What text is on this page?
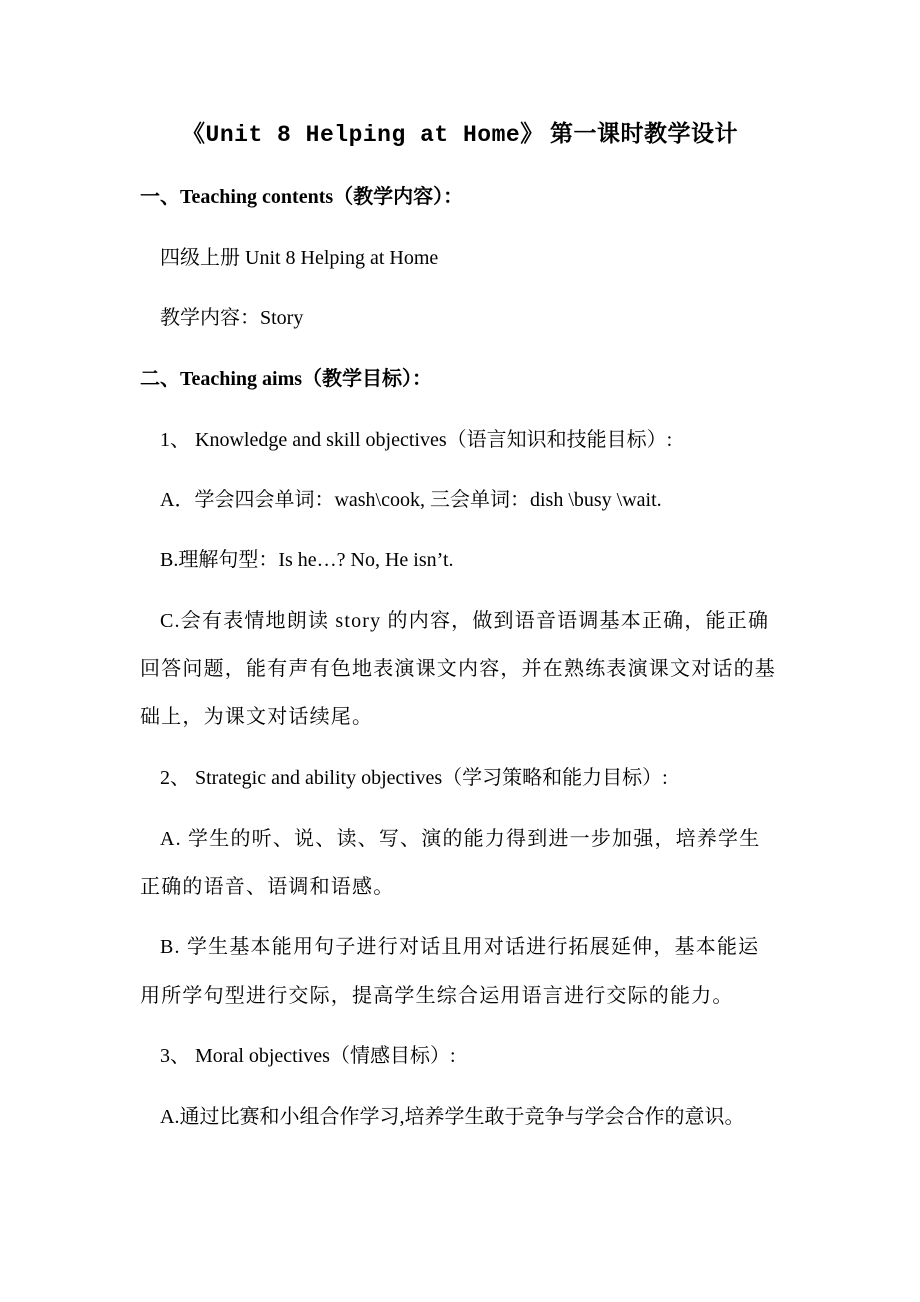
《Unit 8 Helping at Home》 第一课时教学设计
一、Teaching contents（教学内容）：
四级上册 Unit 8 Helping at Home
教学内容：Story
二、Teaching aims（教学目标）：
1、 Knowledge and skill objectives（语言知识和技能目标）:
A．学会四会单词：wash\cook, 三会单词：dish \busy \wait.
B.理解句型：Is he…? No, He isn’t.
C.会有表情地朗读 story 的内容，做到语音语调基本正确，能正确
回答问题，能有声有色地表演课文内容，并在熟练表演课文对话的基
础上，为课文对话续尾。
2、 Strategic and ability objectives（学习策略和能力目标）:
A. 学生的听、说、读、写、演的能力得到进一步加强，培养学生
正确的语音、语调和语感。
B. 学生基本能用句子进行对话且用对话进行拓展延伸，基本能运
用所学句型进行交际，提高学生综合运用语言进行交际的能力。
3、 Moral objectives（情感目标）:
A.通过比赛和小组合作学习,培养学生敢于竞争与学会合作的意识。
